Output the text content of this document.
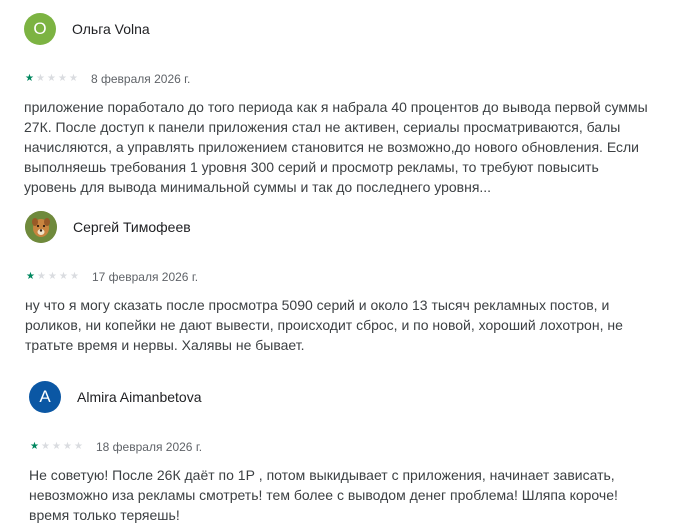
О	Ольга Volna
★ ★ ★ ★ ★ 8 февраля 2026 г.
приложение поработало до того периода как я набрала 40 процентов до вывода первой суммы
27К. После доступ к панели приложения стал не активен, сериалы просматриваются, балы
начисляются, а управлять приложением становится не возможно,до нового обновления. Если
выполняешь требования 1 уровня 300 серий и просмотр рекламы, то требуют повысить
уровень для вывода минимальной суммы и так до последнего уровня...
Сергей Тимофеев
★ ★ ★ ★ ★ 17 февраля 2026 г.
ну что я могу сказать после просмотра 5090 серий и около 13 тысяч рекламных постов, и
роликов, ни копейки не дают вывести, происходит сброс, и по новой, хороший лохотрон, не
тратьте время и нервы. Халявы не бывает.
A	Almira Aimanbetova
★ ★ ★ ★ ★ 18 февраля 2026 г.
Не советую! После 26К даёт по 1Р , потом выкидывает с приложения, начинает зависать,
невозможно иза рекламы смотреть! тем более с выводом денег проблема! Шляпа короче!
время только теряешь!
